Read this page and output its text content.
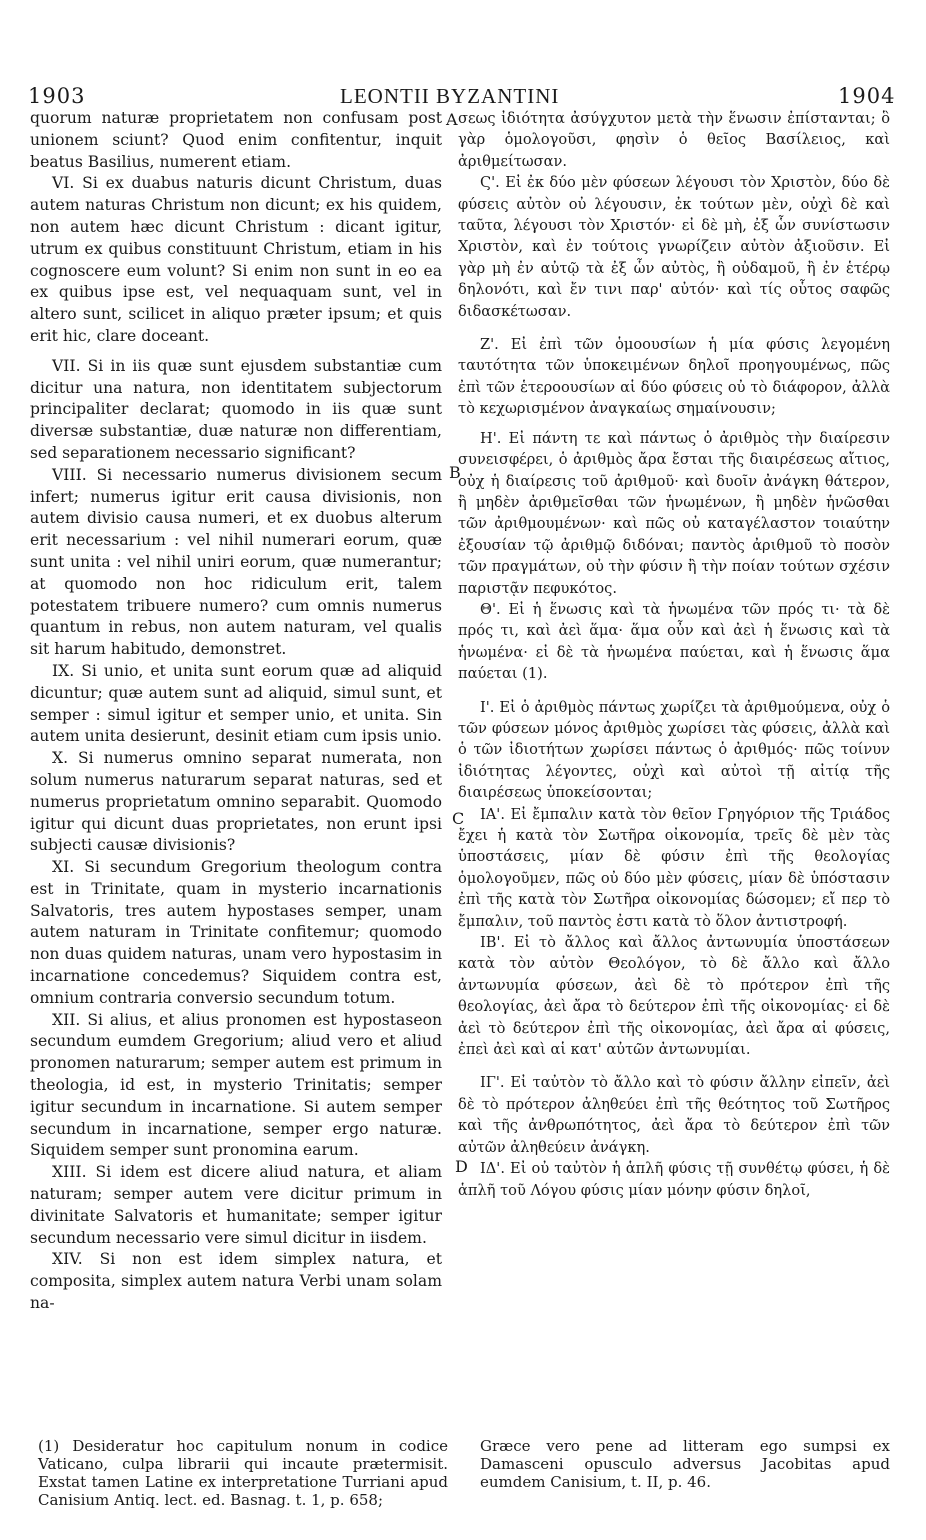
1903	LEONTII BYZANTINI	1904
A
B
C
D

quorum naturæ proprietatem non confusam post unionem sciunt? Quod enim confitentur, inquit beatus Basilius, numerent etiam.

VI. Si ex duabus naturis dicunt Christum, duas autem naturas Christum non dicunt; ex his quidem, non autem hæc dicunt Christum : dicant igitur, utrum ex quibus constituunt Christum, etiam in his cognoscere eum volunt? Si enim non sunt in eo ea ex quibus ipse est, vel nequaquam sunt, vel in altero sunt, scilicet in aliquo præter ipsum; et quis erit hic, clare doceant.

VII. Si in iis quæ sunt ejusdem substantiæ cum dicitur una natura, non identitatem subjectorum principaliter declarat; quomodo in iis quæ sunt diversæ substantiæ, duæ naturæ non differentiam, sed separationem necessario significant?

VIII. Si necessario numerus divisionem secum infert; numerus igitur erit causa divisionis, non autem divisio causa numeri, et ex duobus alterum erit necessarium : vel nihil numerari eorum, quæ sunt unita : vel nihil uniri eorum, quæ numerantur; at quomodo non hoc ridiculum erit, talem potestatem tribuere numero? cum omnis numerus quantum in rebus, non autem naturam, vel qualis sit harum habitudo, demonstret.

IX. Si unio, et unita sunt eorum quæ ad aliquid dicuntur; quæ autem sunt ad aliquid, simul sunt, et semper : simul igitur et semper unio, et unita. Sin autem unita desierunt, desinit etiam cum ipsis unio.

X. Si numerus omnino separat numerata, non solum numerus naturarum separat naturas, sed et numerus proprietatum omnino separabit. Quomodo igitur qui dicunt duas proprietates, non erunt ipsi subjecti causæ divisionis?

XI. Si secundum Gregorium theologum contra est in Trinitate, quam in mysterio incarnationis Salvatoris, tres autem hypostases semper, unam autem naturam in Trinitate confitemur; quomodo non duas quidem naturas, unam vero hypostasim in incarnatione concedemus? Siquidem contra est, omnium contraria conversio secundum totum.

XII. Si alius, et alius pronomen est hypostaseon secundum eumdem Gregorium; aliud vero et aliud pronomen naturarum; semper autem est primum in theologia, id est, in mysterio Trinitatis; semper igitur secundum in incarnatione. Si autem semper secundum in incarnatione, semper ergo naturæ. Siquidem semper sunt pronomina earum.

XIII. Si idem est dicere aliud natura, et aliam naturam; semper autem vere dicitur primum in divinitate Salvatoris et humanitate; semper igitur secundum necessario vere simul dicitur in iisdem.

XIV. Si non est idem simplex natura, et composita, simplex autem natura Verbi unam solam na-

σεως ἰδιότητα ἀσύγχυτον μετὰ τὴν ἕνωσιν ἐπίστανται; ὃ γὰρ ὁμολογοῦσι, φησὶν ὁ θεῖος Βασίλειος, καὶ ἀριθμείτωσαν.

Ϛ'. Εἰ ἐκ δύο μὲν φύσεων λέγουσι τὸν Χριστὸν, δύο δὲ φύσεις αὐτὸν οὐ λέγουσιν, ἐκ τούτων μὲν, οὐχὶ δὲ καὶ ταῦτα, λέγουσι τὸν Χριστόν· εἰ δὲ μὴ, ἐξ ὧν συνίστωσιν Χριστὸν, καὶ ἐν τούτοις γνωρίζειν αὐτὸν ἀξιοῦσιν. Εἰ γὰρ μὴ ἐν αὐτῷ τὰ ἐξ ὧν αὐτὸς, ἢ οὐδαμοῦ, ἢ ἐν ἑτέρῳ δηλονότι, καὶ ἔν τινι παρ' αὐτόν· καὶ τίς οὗτος σαφῶς διδασκέτωσαν.

Ζ'. Εἰ ἐπὶ τῶν ὁμοουσίων ἡ μία φύσις λεγομένη ταυτότητα τῶν ὑποκειμένων δηλοῖ προηγουμένως, πῶς ἐπὶ τῶν ἑτεροουσίων αἱ δύο φύσεις οὐ τὸ διάφορον, ἀλλὰ τὸ κεχωρισμένον ἀναγκαίως σημαίνουσιν;

Η'. Εἰ πάντη τε καὶ πάντως ὁ ἀριθμὸς τὴν διαίρεσιν συνεισφέρει, ὁ ἀριθμὸς ἄρα ἔσται τῆς διαιρέσεως αἴτιος, οὐχ ἡ διαίρεσις τοῦ ἀριθμοῦ· καὶ δυοῖν ἀνάγκη θάτερον, ἢ μηδὲν ἀριθμεῖσθαι τῶν ἡνωμένων, ἢ μηδὲν ἡνῶσθαι τῶν ἀριθμουμένων· καὶ πῶς οὐ καταγέλαστον τοιαύτην ἐξουσίαν τῷ ἀριθμῷ διδόναι; παντὸς ἀριθμοῦ τὸ ποσὸν τῶν πραγμάτων, οὐ τὴν φύσιν ἢ τὴν ποίαν τούτων σχέσιν παριστᾷν πεφυκότος.

Θ'. Εἰ ἡ ἕνωσις καὶ τὰ ἡνωμένα τῶν πρός τι· τὰ δὲ πρός τι, καὶ ἀεὶ ἅμα· ἅμα οὖν καὶ ἀεὶ ἡ ἕνωσις καὶ τὰ ἡνωμένα· εἰ δὲ τὰ ἡνωμένα παύεται, καὶ ἡ ἕνωσις ἅμα παύεται (1).

Ι'. Εἰ ὁ ἀριθμὸς πάντως χωρίζει τὰ ἀριθμούμενα, οὐχ ὁ τῶν φύσεων μόνος ἀριθμὸς χωρίσει τὰς φύσεις, ἀλλὰ καὶ ὁ τῶν ἰδιοτήτων χωρίσει πάντως ὁ ἀριθμός· πῶς τοίνυν ἰδιότητας λέγοντες, οὐχὶ καὶ αὐτοὶ τῇ αἰτίᾳ τῆς διαιρέσεως ὑποκείσονται;

ΙΑ'. Εἰ ἔμπαλιν κατὰ τὸν θεῖον Γρηγόριον τῆς Τριάδος ἔχει ἡ κατὰ τὸν Σωτῆρα οἰκονομία, τρεῖς δὲ μὲν τὰς ὑποστάσεις, μίαν δὲ φύσιν ἐπὶ τῆς θεολογίας ὁμολογοῦμεν, πῶς οὐ δύο μὲν φύσεις, μίαν δὲ ὑπόστασιν ἐπὶ τῆς κατὰ τὸν Σωτῆρα οἰκονομίας δώσομεν; εἴ περ τὸ ἔμπαλιν, τοῦ παντὸς ἐστι κατὰ τὸ ὅλον ἀντιστροφή.

ΙΒ'. Εἰ τὸ ἄλλος καὶ ἄλλος ἀντωνυμία ὑποστάσεων κατὰ τὸν αὐτὸν Θεολόγον, τὸ δὲ ἄλλο καὶ ἄλλο ἀντωνυμία φύσεων, ἀεὶ δὲ τὸ πρότερον ἐπὶ τῆς θεολογίας, ἀεὶ ἄρα τὸ δεύτερον ἐπὶ τῆς οἰκονομίας· εἰ δὲ ἀεὶ τὸ δεύτερον ἐπὶ τῆς οἰκονομίας, ἀεὶ ἄρα αἱ φύσεις, ἐπεὶ ἀεὶ καὶ αἱ κατ' αὐτῶν ἀντωνυμίαι.

ΙΓ'. Εἰ ταὐτὸν τὸ ἄλλο καὶ τὸ φύσιν ἄλλην εἰπεῖν, ἀεὶ δὲ τὸ πρότερον ἀληθεύει ἐπὶ τῆς θεότητος τοῦ Σωτῆρος καὶ τῆς ἀνθρωπότητος, ἀεὶ ἄρα τὸ δεύτερον ἐπὶ τῶν αὐτῶν ἀληθεύειν ἀνάγκη.

ΙΔ'. Εἰ οὐ ταὐτὸν ἡ ἁπλῆ φύσις τῇ συνθέτῳ φύσει, ἡ δὲ ἁπλῆ τοῦ Λόγου φύσις μίαν μόνην φύσιν δηλοῖ,

(1) Desideratur hoc capitulum nonum in codice Vaticano, culpa librarii qui incaute prætermisit. Exstat tamen Latine ex interpretatione Turriani apud Canisium Antiq. lect. ed. Basnag. t. 1, p. 658;
Græce vero pene ad litteram ego sumpsi ex Damasceni opusculo adversus Jacobitas apud eumdem Canisium, t. II, p. 46.
